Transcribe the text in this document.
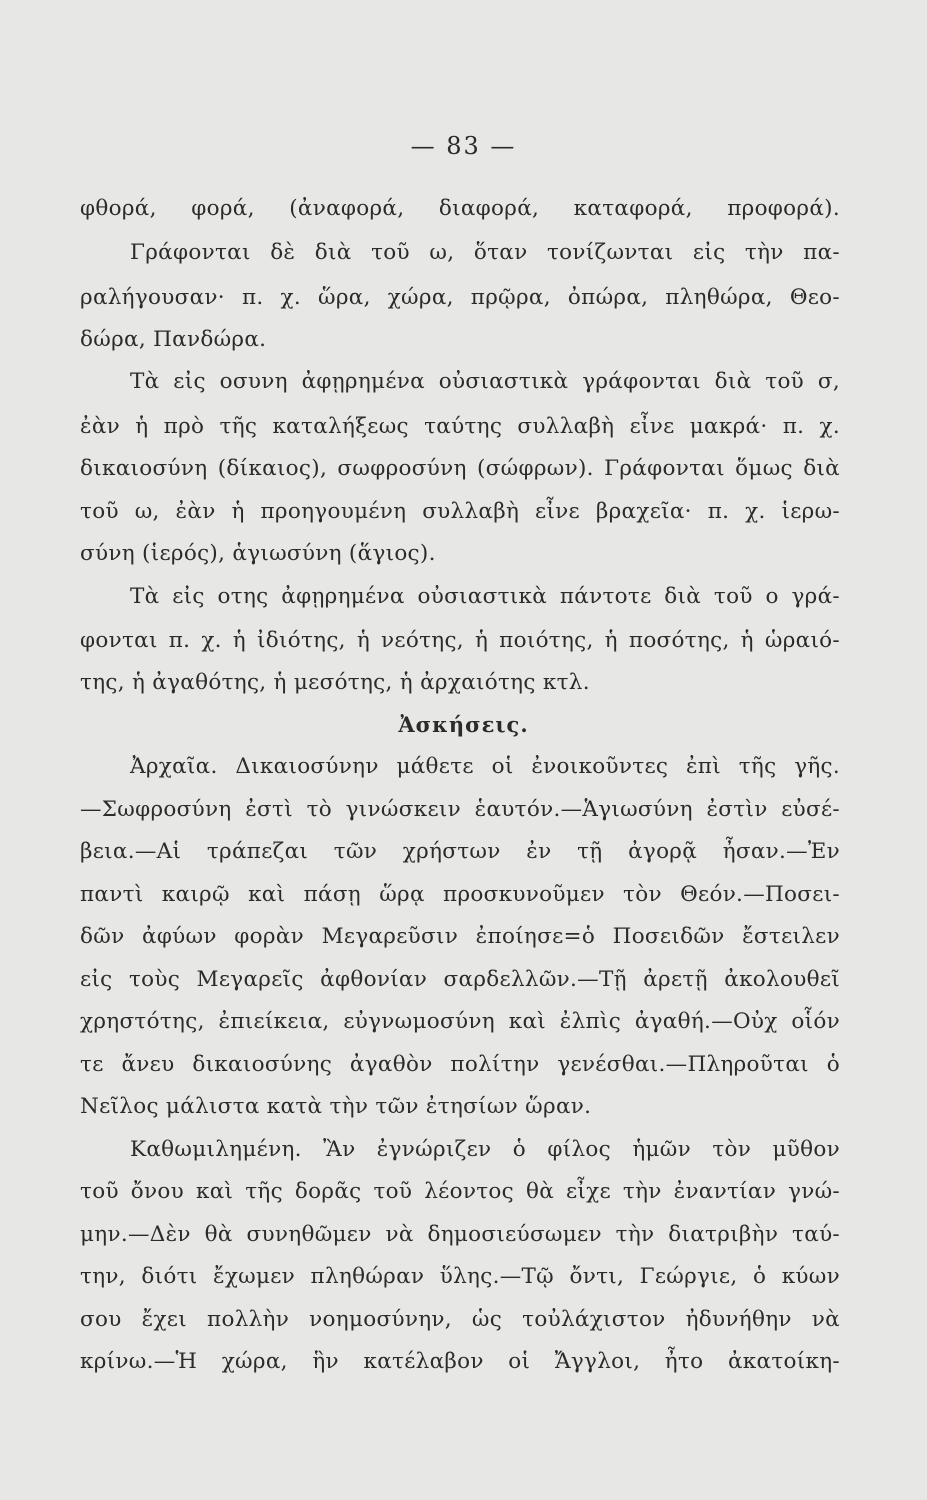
— 83 —
φθορά, φορά, (ἀναφορά, διαφορά, καταφορά, προφορά).
Γράφονται δὲ διὰ τοῦ ω, ὅταν τονίζωνται εἰς τὴν πα-
ραλήγουσαν· π. χ. ὥρα, χώρα, πρῷρα, ὀπώρα, πληθώρα, Θεο-
δώρα, Πανδώρα.
Τὰ εἰς οσυνη ἀφῃρημένα οὐσιαστικὰ γράφονται διὰ τοῦ σ,
ἐὰν ἡ πρὸ τῆς καταλήξεως ταύτης συλλαβὴ εἶνε μακρά· π. χ.
δικαιοσύνη (δίκαιος), σωφροσύνη (σώφρων). Γράφονται ὅμως διὰ
τοῦ ω, ἐὰν ἡ προηγουμένη συλλαβὴ εἶνε βραχεῖα· π. χ. ἱερω-
σύνη (ἱερός), ἁγιωσύνη (ἅγιος).
Τὰ εἰς οτης ἀφῃρημένα οὐσιαστικὰ πάντοτε διὰ τοῦ ο γρά-
φονται π. χ. ἡ ἰδιότης, ἡ νεότης, ἡ ποιότης, ἡ ποσότης, ἡ ὡραιό-
της, ἡ ἀγαθότης, ἡ μεσότης, ἡ ἀρχαιότης κτλ.
Ἀσκήσεις.
Ἀρχαῖα. Δικαιοσύνην μάθετε οἱ ἐνοικοῦντες ἐπὶ τῆς γῆς.
—Σωφροσύνη ἐστὶ τὸ γινώσκειν ἑαυτόν.—Ἁγιωσύνη ἐστὶν εὐσέ-
βεια.—Αἱ τράπεζαι τῶν χρήστων ἐν τῇ ἀγορᾷ ἦσαν.—Ἐν
παντὶ καιρῷ καὶ πάσῃ ὥρᾳ προσκυνοῦμεν τὸν Θεόν.—Ποσει-
δῶν ἀφύων φορὰν Μεγαρεῦσιν ἐποίησε=ὁ Ποσειδῶν ἔστειλεν
εἰς τοὺς Μεγαρεῖς ἀφθονίαν σαρδελλῶν.—Τῇ ἀρετῇ ἀκολουθεῖ
χρηστότης, ἐπιείκεια, εὐγνωμοσύνη καὶ ἐλπὶς ἀγαθή.—Οὐχ οἷόν
τε ἄνευ δικαιοσύνης ἀγαθὸν πολίτην γενέσθαι.—Πληροῦται ὁ
Νεῖλος μάλιστα κατὰ τὴν τῶν ἐτησίων ὥραν.
Καθωμιλημένη. Ἂν ἐγνώριζεν ὁ φίλος ἡμῶν τὸν μῦθον
τοῦ ὄνου καὶ τῆς δορᾶς τοῦ λέοντος θὰ εἶχε τὴν ἐναντίαν γνώ-
μην.—Δὲν θὰ συνηθῶμεν νὰ δημοσιεύσωμεν τὴν διατριβὴν ταύ-
την, διότι ἔχωμεν πληθώραν ὕλης.—Τῷ ὄντι, Γεώργιε, ὁ κύων
σου ἔχει πολλὴν νοημοσύνην, ὡς τοὐλάχιστον ἠδυνήθην νὰ
κρίνω.—Ἡ χώρα, ἣν κατέλαβον οἱ Ἄγγλοι, ἦτο ἀκατοίκη-
